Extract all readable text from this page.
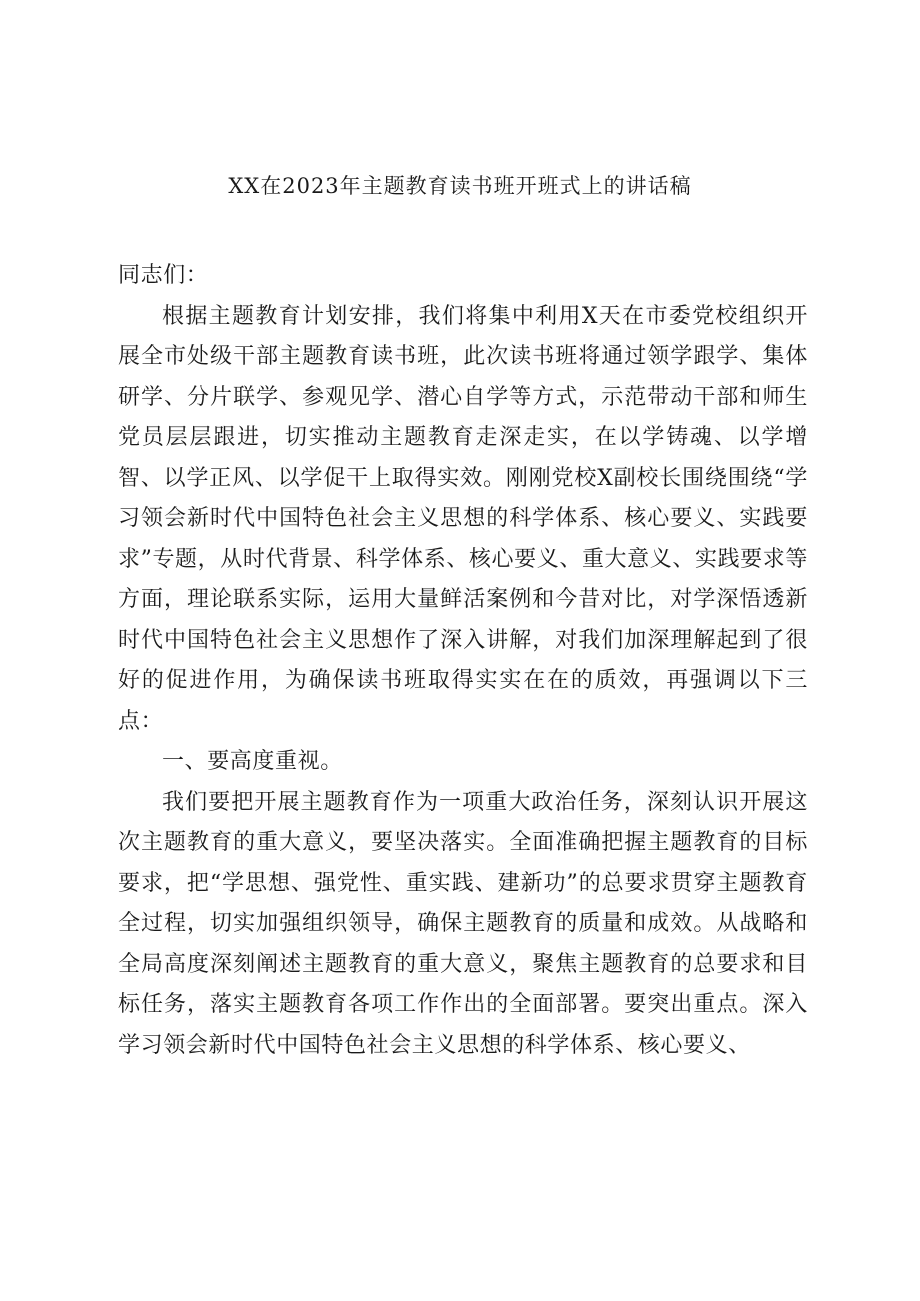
XX在2023年主题教育读书班开班式上的讲话稿

同志们：

根据主题教育计划安排，我们将集中利用X天在市委党校组织开展全市处级干部主题教育读书班，此次读书班将通过领学跟学、集体研学、分片联学、参观见学、潜心自学等方式，示范带动干部和师生党员层层跟进，切实推动主题教育走深走实，在以学铸魂、以学增智、以学正风、以学促干上取得实效。刚刚党校X副校长围绕围绕“学习领会新时代中国特色社会主义思想的科学体系、核心要义、实践要求”专题，从时代背景、科学体系、核心要义、重大意义、实践要求等方面，理论联系实际，运用大量鲜活案例和今昔对比，对学深悟透新时代中国特色社会主义思想作了深入讲解，对我们加深理解起到了很好的促进作用，为确保读书班取得实实在在的质效，再强调以下三点：

一、要高度重视。

我们要把开展主题教育作为一项重大政治任务，深刻认识开展这次主题教育的重大意义，要坚决落实。全面准确把握主题教育的目标要求，把“学思想、强党性、重实践、建新功”的总要求贯穿主题教育全过程，切实加强组织领导，确保主题教育的质量和成效。从战略和全局高度深刻阐述主题教育的重大意义，聚焦主题教育的总要求和目标任务，落实主题教育各项工作作出的全面部署。要突出重点。深入学习领会新时代中国特色社会主义思想的科学体系、核心要义、
